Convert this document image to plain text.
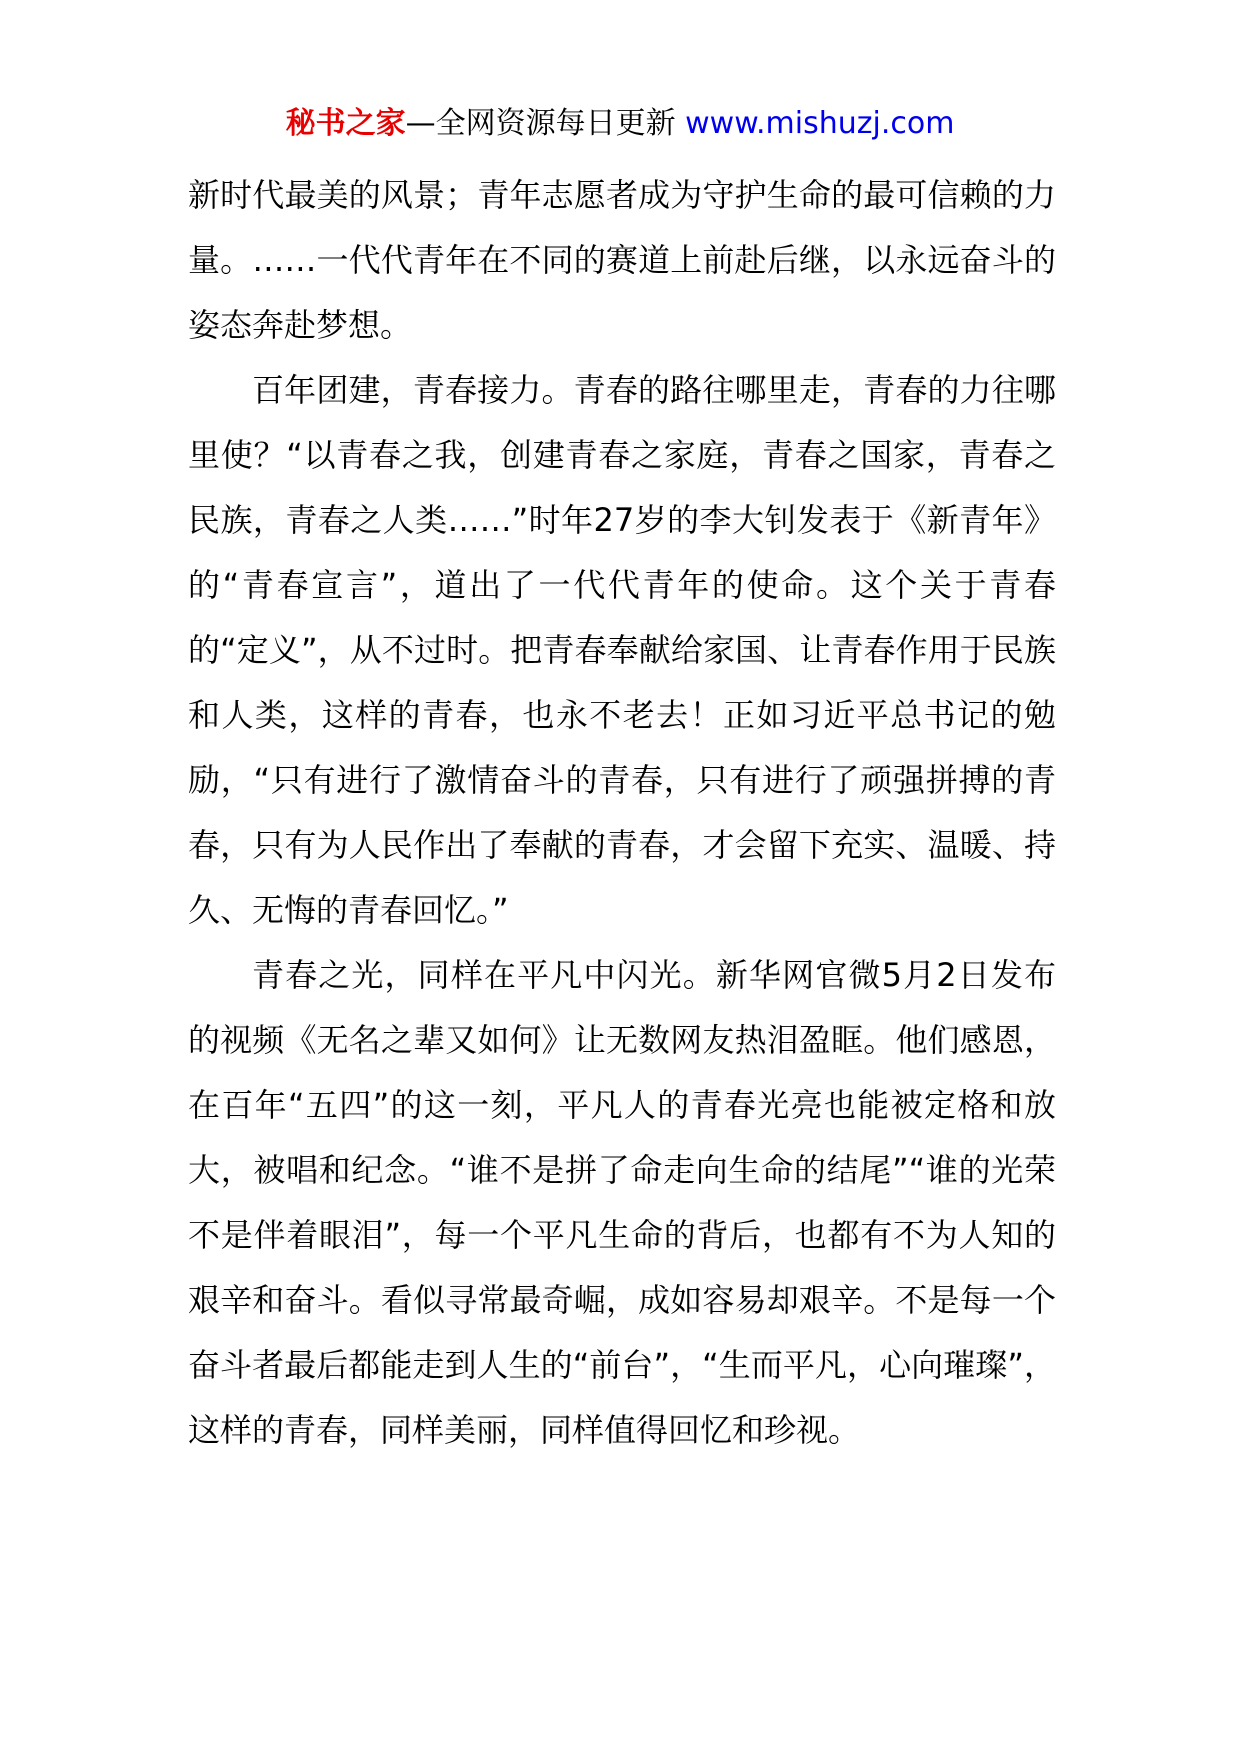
秘书之家—全网资源每日更新 www.mishuzj.com

新时代最美的风景；青年志愿者成为守护生命的最可信赖的力量。……一代代青年在不同的赛道上前赴后继，以永远奋斗的姿态奔赴梦想。

百年团建，青春接力。青春的路往哪里走，青春的力往哪里使？“以青春之我，创建青春之家庭，青春之国家，青春之民族，青春之人类……”时年27岁的李大钊发表于《新青年》的“青春宣言”，道出了一代代青年的使命。这个关于青春的“定义”，从不过时。把青春奉献给家国、让青春作用于民族和人类，这样的青春，也永不老去！正如习近平总书记的勉励，“只有进行了激情奋斗的青春，只有进行了顽强拼搏的青春，只有为人民作出了奉献的青春，才会留下充实、温暖、持久、无悔的青春回忆。”

青春之光，同样在平凡中闪光。新华网官微5月2日发布的视频《无名之辈又如何》让无数网友热泪盈眶。他们感恩，在百年“五四”的这一刻，平凡人的青春光亮也能被定格和放大，被唱和纪念。“谁不是拼了命走向生命的结尾”“谁的光荣不是伴着眼泪”，每一个平凡生命的背后，也都有不为人知的艰辛和奋斗。看似寻常最奇崛，成如容易却艰辛。不是每一个奋斗者最后都能走到人生的“前台”，“生而平凡，心向璀璨”，这样的青春，同样美丽，同样值得回忆和珍视。
